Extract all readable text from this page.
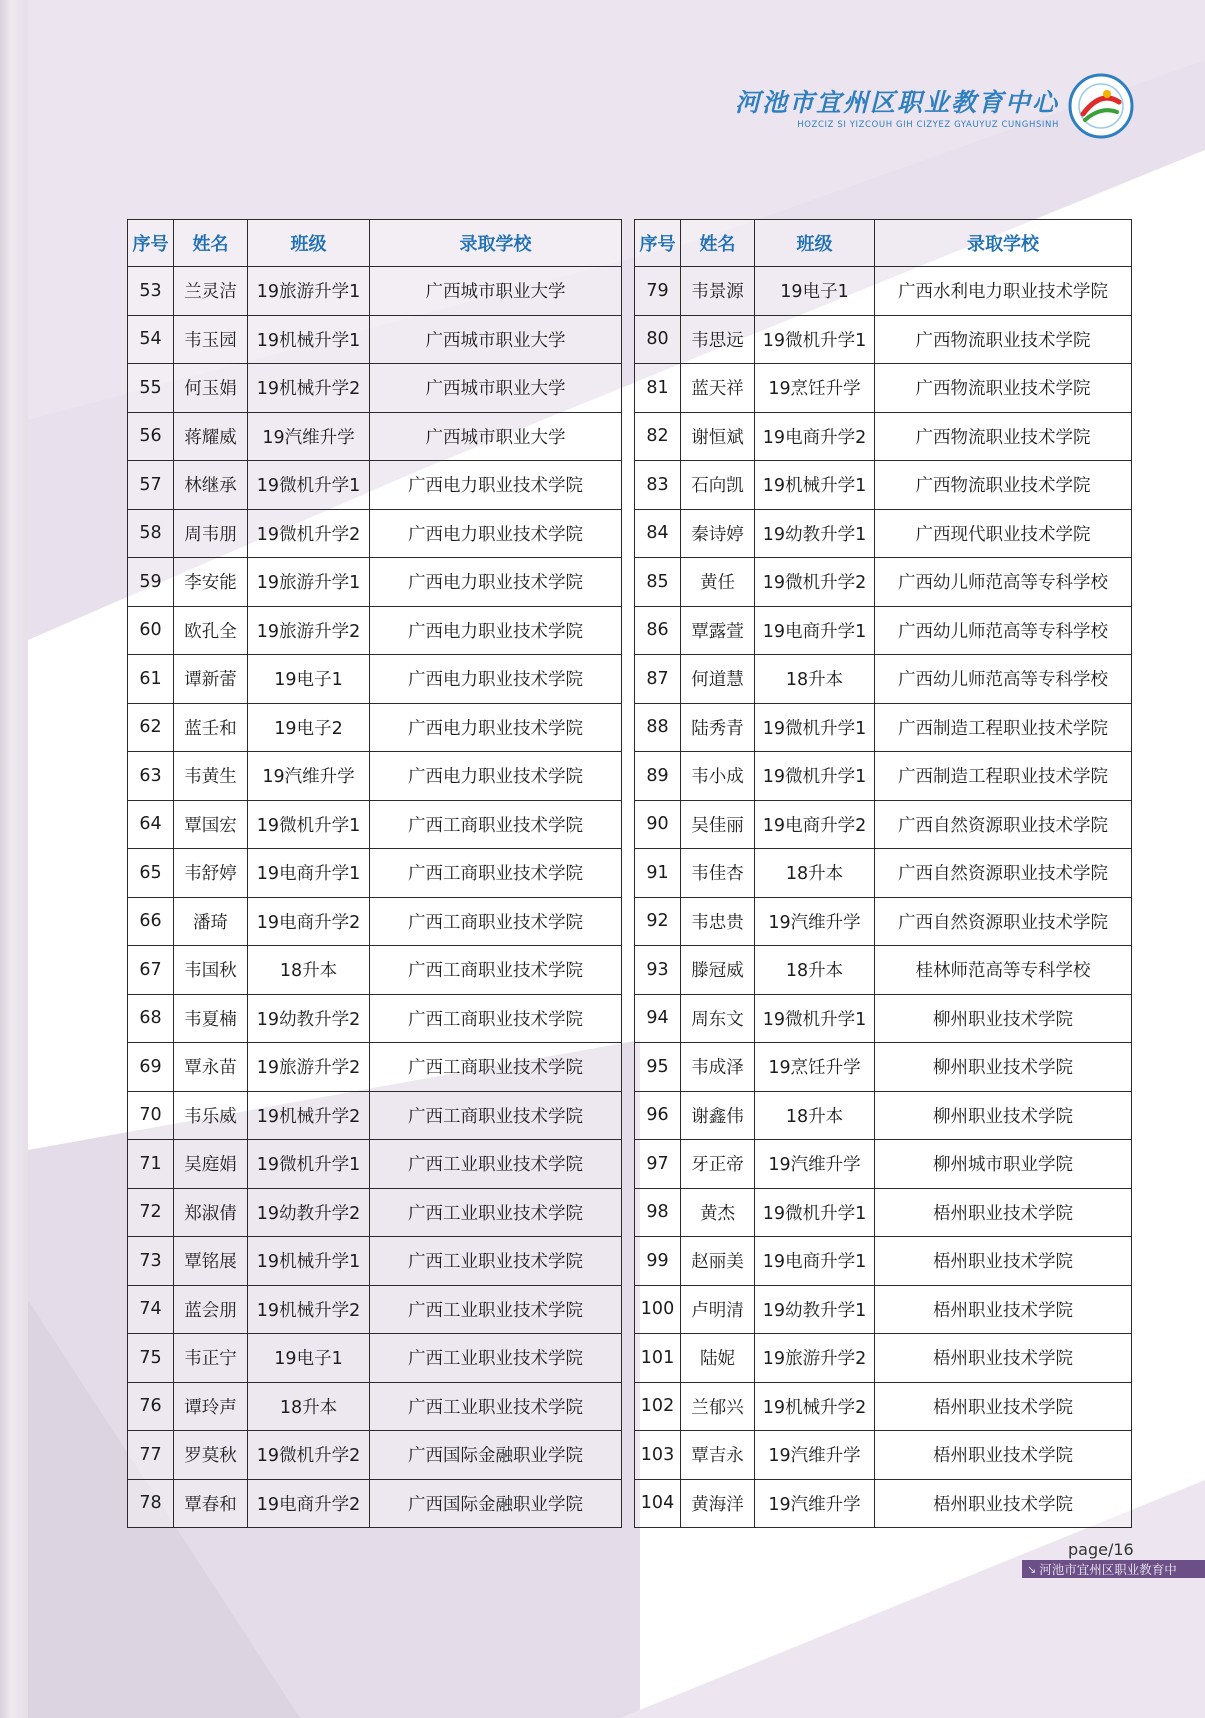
河池市宜州区职业教育中心
HOZCIZ SI YIZCOUH GIH CIZYEZ GYAUYUZ CUNGHSINH
序号	姓名	班级	录取学校
53	兰灵洁	19旅游升学1	广西城市职业大学
54	韦玉园	19机械升学1	广西城市职业大学
55	何玉娟	19机械升学2	广西城市职业大学
56	蒋耀威	19汽维升学	广西城市职业大学
57	林继承	19微机升学1	广西电力职业技术学院
58	周韦朋	19微机升学2	广西电力职业技术学院
59	李安能	19旅游升学1	广西电力职业技术学院
60	欧孔全	19旅游升学2	广西电力职业技术学院
61	谭新蕾	19电子1	广西电力职业技术学院
62	蓝壬和	19电子2	广西电力职业技术学院
63	韦黄生	19汽维升学	广西电力职业技术学院
64	覃国宏	19微机升学1	广西工商职业技术学院
65	韦舒婷	19电商升学1	广西工商职业技术学院
66	潘琦	19电商升学2	广西工商职业技术学院
67	韦国秋	18升本	广西工商职业技术学院
68	韦夏楠	19幼教升学2	广西工商职业技术学院
69	覃永苗	19旅游升学2	广西工商职业技术学院
70	韦乐威	19机械升学2	广西工商职业技术学院
71	吴庭娟	19微机升学1	广西工业职业技术学院
72	郑淑倩	19幼教升学2	广西工业职业技术学院
73	覃铭展	19机械升学1	广西工业职业技术学院
74	蓝会朋	19机械升学2	广西工业职业技术学院
75	韦正宁	19电子1	广西工业职业技术学院
76	谭玲声	18升本	广西工业职业技术学院
77	罗莫秋	19微机升学2	广西国际金融职业学院
78	覃春和	19电商升学2	广西国际金融职业学院
序号	姓名	班级	录取学校
79	韦景源	19电子1	广西水利电力职业技术学院
80	韦思远	19微机升学1	广西物流职业技术学院
81	蓝天祥	19烹饪升学	广西物流职业技术学院
82	谢恒斌	19电商升学2	广西物流职业技术学院
83	石向凯	19机械升学1	广西物流职业技术学院
84	秦诗婷	19幼教升学1	广西现代职业技术学院
85	黄任	19微机升学2	广西幼儿师范高等专科学校
86	覃露萱	19电商升学1	广西幼儿师范高等专科学校
87	何道慧	18升本	广西幼儿师范高等专科学校
88	陆秀青	19微机升学1	广西制造工程职业技术学院
89	韦小成	19微机升学1	广西制造工程职业技术学院
90	吴佳丽	19电商升学2	广西自然资源职业技术学院
91	韦佳杏	18升本	广西自然资源职业技术学院
92	韦忠贵	19汽维升学	广西自然资源职业技术学院
93	滕冠威	18升本	桂林师范高等专科学校
94	周东文	19微机升学1	柳州职业技术学院
95	韦成泽	19烹饪升学	柳州职业技术学院
96	谢鑫伟	18升本	柳州职业技术学院
97	牙正帝	19汽维升学	柳州城市职业学院
98	黄杰	19微机升学1	梧州职业技术学院
99	赵丽美	19电商升学1	梧州职业技术学院
100	卢明清	19幼教升学1	梧州职业技术学院
101	陆妮	19旅游升学2	梧州职业技术学院
102	兰郁兴	19机械升学2	梧州职业技术学院
103	覃吉永	19汽维升学	梧州职业技术学院
104	黄海洋	19汽维升学	梧州职业技术学院
page/16
↘ 河池市宜州区职业教育中
